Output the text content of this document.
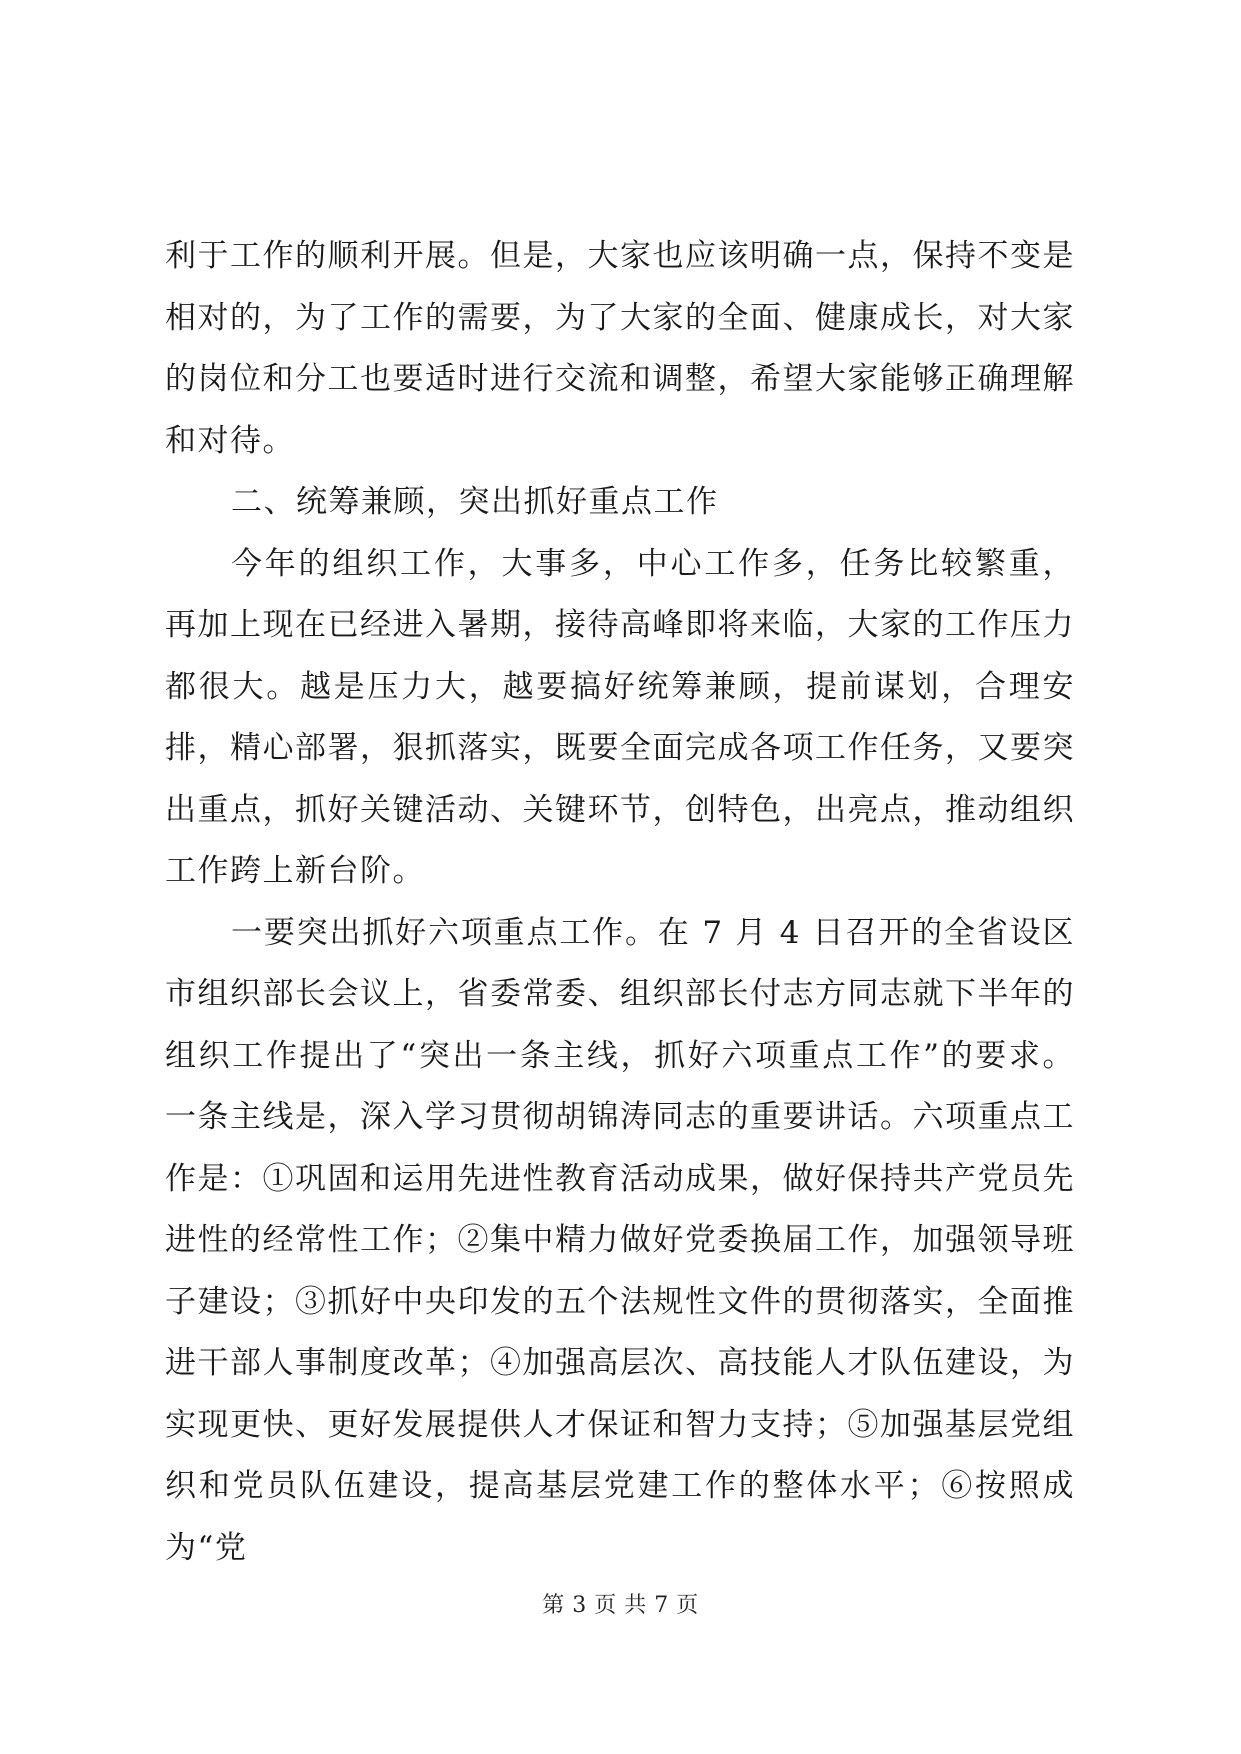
利于工作的顺利开展。但是，大家也应该明确一点，保持不变是相对的，为了工作的需要，为了大家的全面、健康成长，对大家的岗位和分工也要适时进行交流和调整，希望大家能够正确理解和对待。

二、统筹兼顾，突出抓好重点工作

今年的组织工作，大事多，中心工作多，任务比较繁重，再加上现在已经进入暑期，接待高峰即将来临，大家的工作压力都很大。越是压力大，越要搞好统筹兼顾，提前谋划，合理安排，精心部署，狠抓落实，既要全面完成各项工作任务，又要突出重点，抓好关键活动、关键环节，创特色，出亮点，推动组织工作跨上新台阶。

一要突出抓好六项重点工作。在 7 月 4 日召开的全省设区市组织部长会议上，省委常委、组织部长付志方同志就下半年的组织工作提出了“突出一条主线，抓好六项重点工作”的要求。一条主线是，深入学习贯彻胡锦涛同志的重要讲话。六项重点工作是：①巩固和运用先进性教育活动成果，做好保持共产党员先进性的经常性工作；②集中精力做好党委换届工作，加强领导班子建设；③抓好中央印发的五个法规性文件的贯彻落实，全面推进干部人事制度改革；④加强高层次、高技能人才队伍建设，为实现更快、更好发展提供人才保证和智力支持；⑤加强基层党组织和党员队伍建设，提高基层党建工作的整体水平；⑥按照成为“党

第 3 页 共 7 页
